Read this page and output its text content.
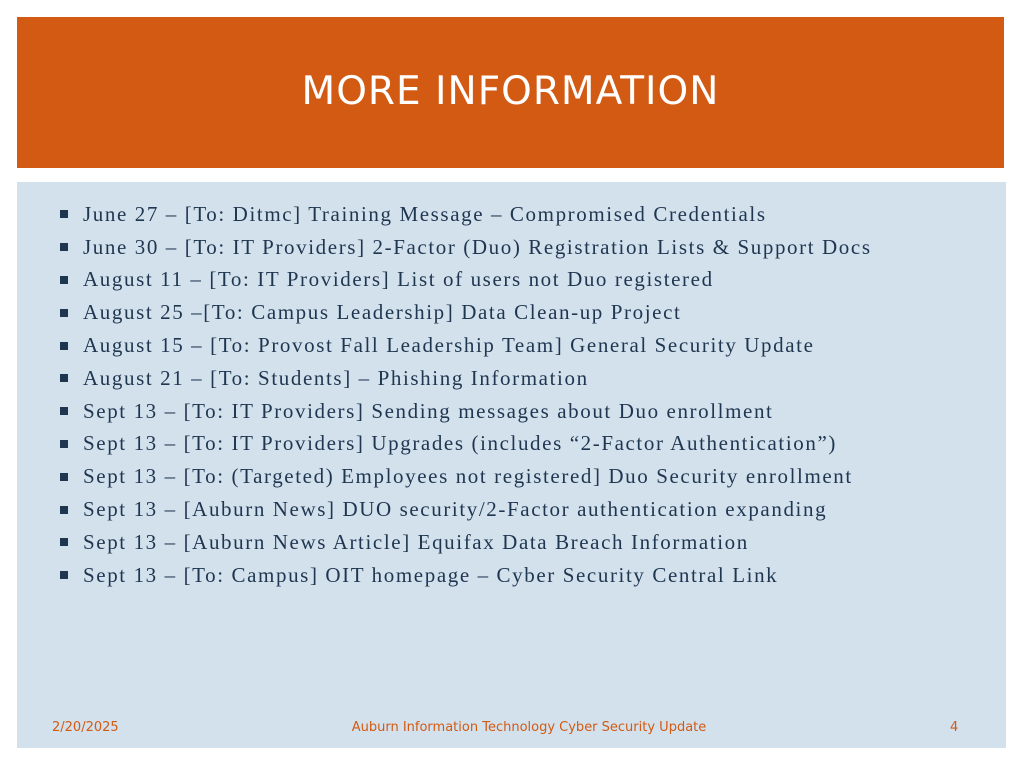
MORE INFORMATION
June 27 – [To: Ditmc] Training Message – Compromised Credentials
June 30 – [To: IT Providers] 2-Factor (Duo) Registration Lists & Support Docs
August 11 – [To: IT Providers] List of users not Duo registered
August 25 –[To: Campus Leadership] Data Clean-up Project
August 15 – [To: Provost Fall Leadership Team] General Security Update
August 21 – [To: Students] – Phishing Information
Sept 13 – [To: IT Providers] Sending messages about Duo enrollment
Sept 13 – [To: IT Providers] Upgrades (includes “2-Factor Authentication”)
Sept 13 – [To: (Targeted) Employees not registered] Duo Security enrollment
Sept 13 – [Auburn News] DUO security/2-Factor authentication expanding
Sept 13 – [Auburn News Article] Equifax Data Breach Information
Sept 13 – [To: Campus] OIT homepage – Cyber Security Central Link
2/20/2025	Auburn Information Technology Cyber Security Update	4
